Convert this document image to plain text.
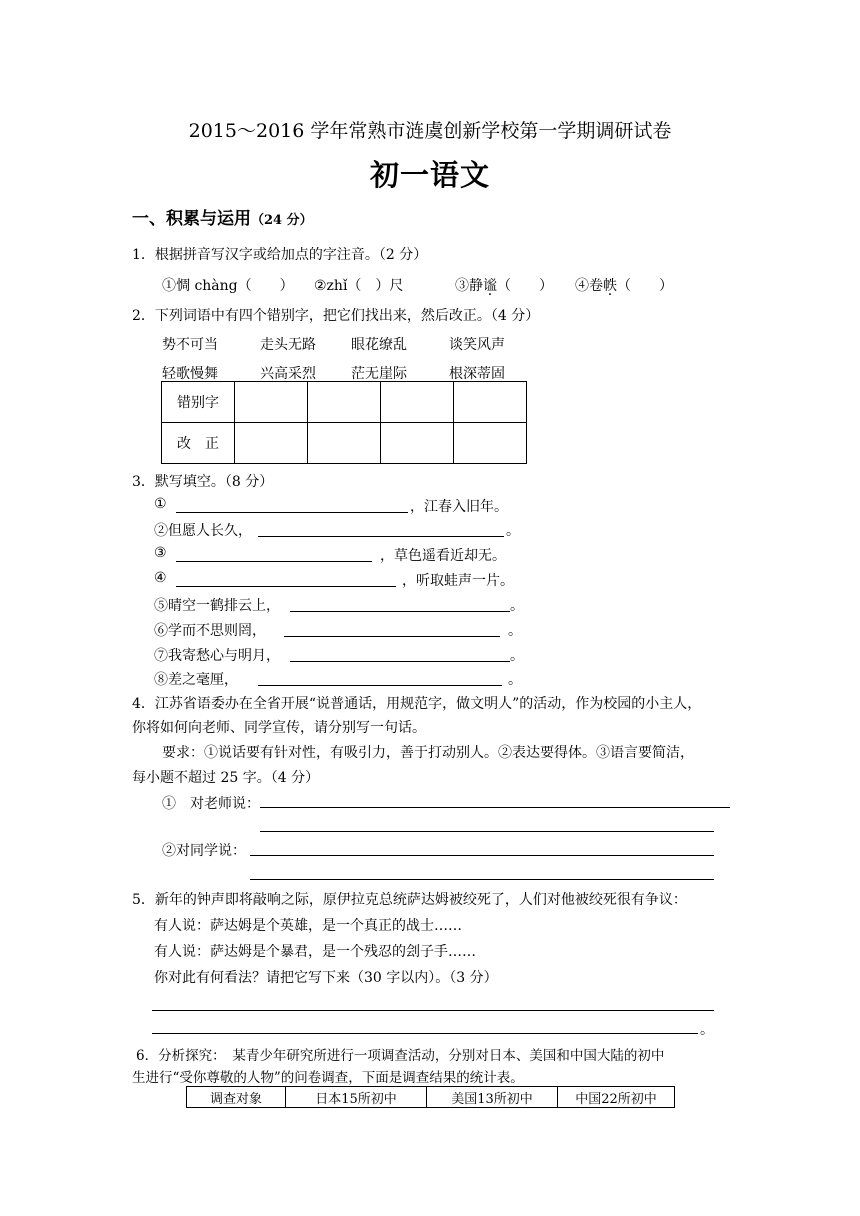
2015～2016 学年常熟市涟虞创新学校第一学期调研试卷
初一语文
一、积累与运用（24 分）
1．根据拼音写汉字或给加点的字注音。（2 分）
①惆 chàng（　　） ②zhǐ（　）尺	③静谧（　　） ④卷帙（　　）
2．下列词语中有四个错别字，把它们找出来，然后改正。（4 分）
势不可当	走头无路	眼花缭乱	谈笑风声
轻歌慢舞	兴高采烈	茫无崖际	根深蒂固
错别字				
改　正				
3．默写填空。（8 分）
①	，江春入旧年。
②但愿人长久，	。
③	，草色遥看近却无。
④	，听取蛙声一片。
⑤晴空一鹤排云上，	。
⑥学而不思则罔，	。
⑦我寄愁心与明月，	。
⑧差之毫厘，	。
4．江苏省语委办在全省开展“说普通话，用规范字，做文明人”的活动，作为校园的小主人，
你将如何向老师、同学宣传，请分别写一句话。
要求：①说话要有针对性，有吸引力，善于打动别人。②表达要得体。③语言要简洁，
每小题不超过 25 字。（4 分）
①　对老师说：
②对同学说：
5．新年的钟声即将敲响之际，原伊拉克总统萨达姆被绞死了，人们对他被绞死很有争议：
有人说：萨达姆是个英雄，是一个真正的战士……
有人说：萨达姆是个暴君，是一个残忍的刽子手……
你对此有何看法？请把它写下来（30 字以内）。（3 分）
。
6．分析探究：　某青少年研究所进行一项调查活动，分别对日本、美国和中国大陆的初中
生进行“受你尊敬的人物”的问卷调查，下面是调查结果的统计表。
调查对象	日本15所初中	美国13所初中	中国22所初中
